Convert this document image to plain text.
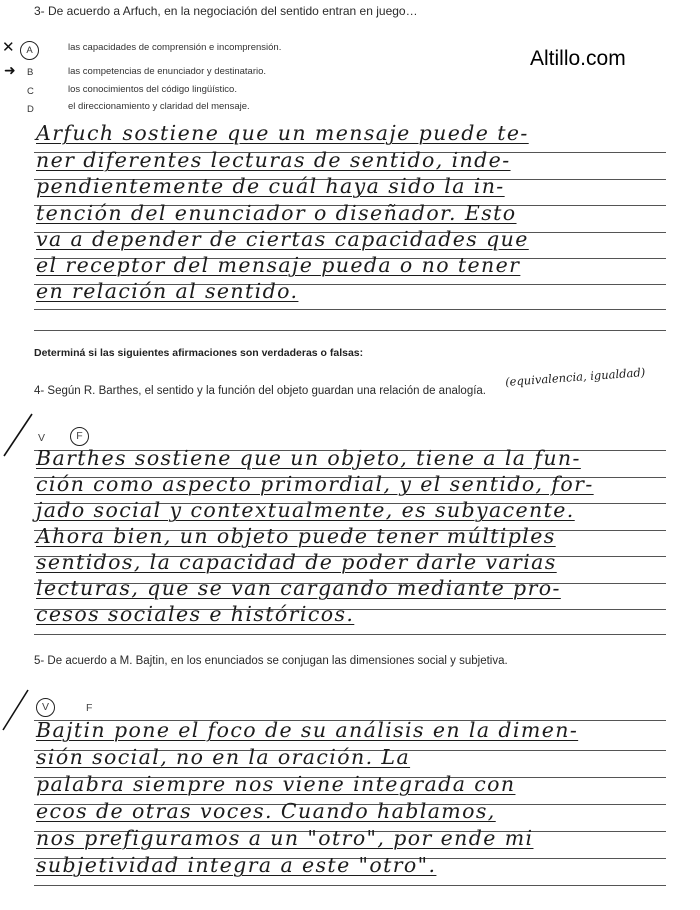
Altillo.com
3- De acuerdo a Arfuch, en la negociación del sentido entran en juego…
✕	A	las capacidades de comprensión e incomprensión.
➜ B	las competencias de enunciador y destinatario.
C	los conocimientos del código lingüístico.
D	el direccionamiento y claridad del mensaje.
Arfuch sostiene que un mensaje puede te-
ner diferentes lecturas de sentido, inde-
pendientemente de cuál haya sido la in-
tención del enunciador o diseñador. Esto
va a depender de ciertas capacidades que
el receptor del mensaje pueda o no tener
en relación al sentido.
Determiná si las siguientes afirmaciones son verdaderas o falsas:
4- Según R. Barthes, el sentido y la función del objeto guardan una relación de analogía.
(equivalencia, igualdad)
V	F
Barthes sostiene que un objeto, tiene a la fun-
ción como aspecto primordial, y el sentido, for-
jado social y contextualmente, es subyacente.
Ahora bien, un objeto puede tener múltiples
sentidos, la capacidad de poder darle varias
lecturas, que se van cargando mediante pro-
cesos sociales e históricos.
5- De acuerdo a M. Bajtin, en los enunciados se conjugan las dimensiones social y subjetiva.
V	F
Bajtin pone el foco de su análisis en la dimen-
sión social, no en la oración. La
palabra siempre nos viene integrada con
ecos de otras voces. Cuando hablamos,
nos prefiguramos a un "otro", por ende mi
subjetividad integra a este "otro".
